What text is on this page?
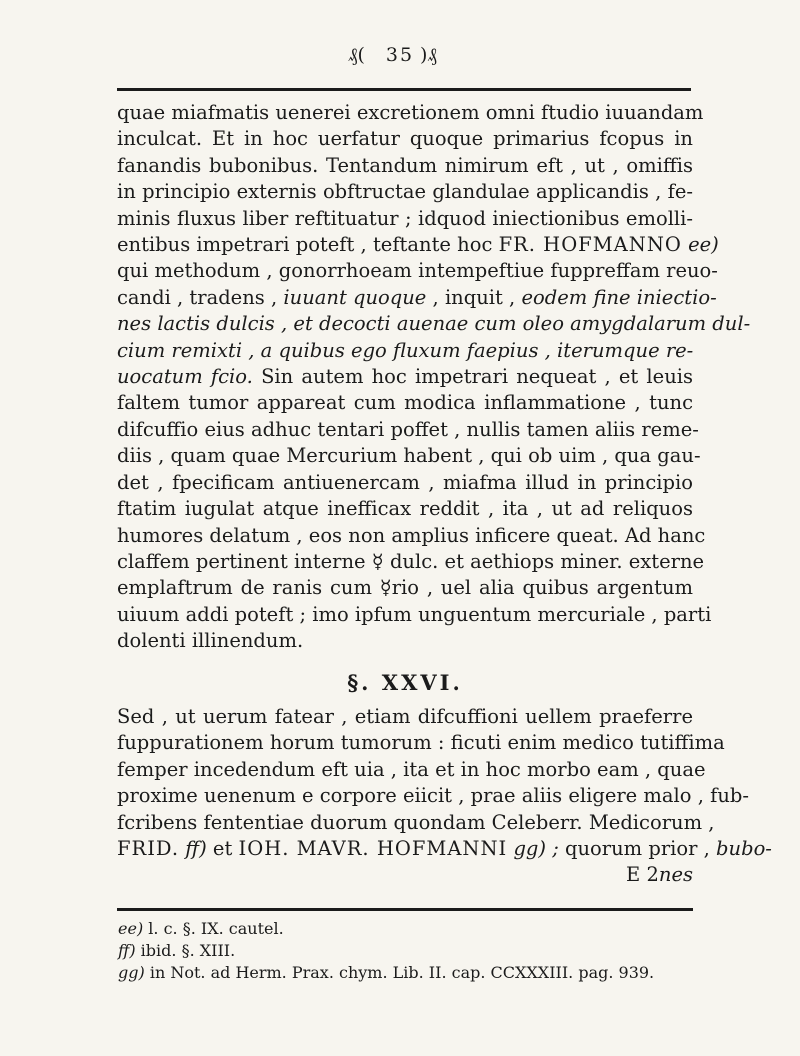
₰(	35 )₰
quae miafmatis uenerei excretionem omni ftudio iuuandam
inculcat. Et in hoc uerfatur quoque primarius fcopus in
fanandis bubonibus. Tentandum nimirum eft , ut , omiffis
in principio externis obftructae glandulae applicandis , fe-
minis fluxus liber reftituatur ; idquod iniectionibus emolli-
entibus impetrari poteft , teftante hoc FR. HOFMANNO ee)
qui methodum , gonorrhoeam intempeftiue fuppreffam reuo-
candi , tradens , iuuant quoque , inquit , eodem fine iniectio-
nes lactis dulcis , et decocti auenae cum oleo amygdalarum dul-
cium remixti , a quibus ego fluxum faepius , iterumque re-
uocatum fcio. Sin autem hoc impetrari nequeat , et leuis
faltem tumor appareat cum modica inflammatione , tunc
difcuffio eius adhuc tentari poffet , nullis tamen aliis reme-
diis , quam quae Mercurium habent , qui ob uim , qua gau-
det , fpecificam antiuenercam , miafma illud in principio
ftatim iugulat atque inefficax reddit , ita , ut ad reliquos
humores delatum , eos non amplius inficere queat. Ad hanc
claffem pertinent interne ☿ dulc. et aethiops miner. externe
emplaftrum de ranis cum ☿rio , uel alia quibus argentum
uiuum addi poteft ; imo ipfum unguentum mercuriale , parti
dolenti illinendum.
§. XXVI.
Sed , ut uerum fatear , etiam difcuffioni uellem praeferre
fuppurationem horum tumorum : ficuti enim medico tutiffima
femper incedendum eft uia , ita et in hoc morbo eam , quae
proxime uenenum e corpore eiicit , prae aliis eligere malo , fub-
fcribens fententiae duorum quondam Celeberr. Medicorum ,
FRID. ff) et IOH. MAVR. HOFMANNI gg) ; quorum prior , bubo-
E 2nes
ee) l. c. §. IX. cautel.
ff) ibid. §. XIII.
gg) in Not. ad Herm. Prax. chym. Lib. II. cap. CCXXXIII. pag. 939.
